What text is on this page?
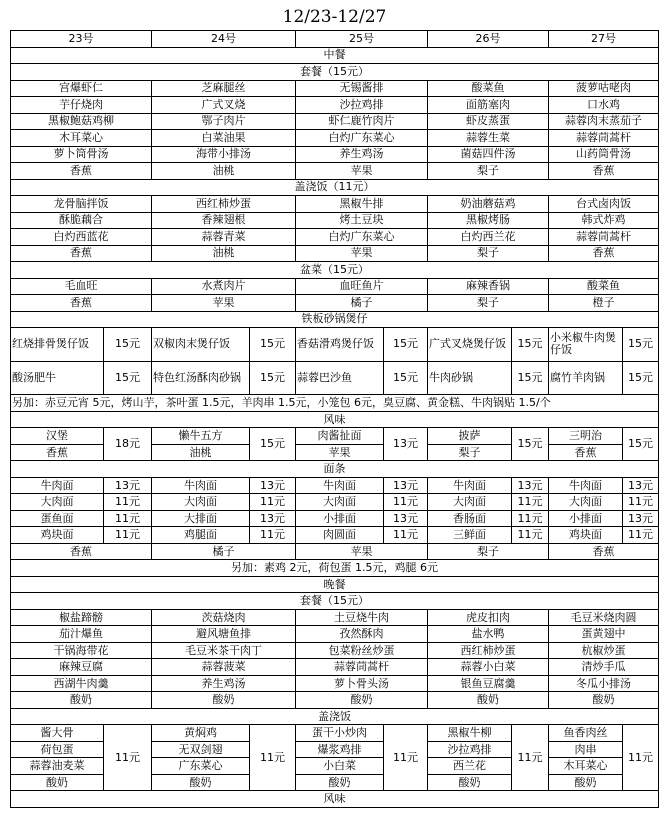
12/23-12/27
23号		24号		25号		26号		27号	
中餐									
套餐（15元）									
宫爆虾仁		芝麻腿丝		无锡酱排		酸菜鱼		菠萝咕咾肉	
芋仔烧肉		广式叉烧		沙拉鸡排		面筋塞肉		口水鸡	
黑椒鲍菇鸡柳		鄂子肉片		虾仁鹿竹肉片		虾皮蒸蛋		蒜蓉肉末蒸茄子	
木耳菜心		白菜油果		白灼广东菜心		蒜蓉生菜		蒜蓉茼蒿杆	
萝卜筒骨汤		海带小排汤		养生鸡汤		菌菇四件汤		山药筒骨汤	
香蕉		油桃		苹果		梨子		香蕉	
盖浇饭（11元）									
龙骨脑拌饭		西红柿炒蛋		黑椒牛排		奶油蘑菇鸡		台式卤肉饭	
酥脆藕合		香辣翅根		烤土豆块		黑椒烤肠		韩式炸鸡	
白灼西蓝花		蒜蓉青菜		白灼广东菜心		白灼西兰花		蒜蓉茼蒿杆	
香蕉		油桃		苹果		梨子		香蕉	
盆菜（15元）									
毛血旺		水煮肉片		血旺鱼片		麻辣香锅		酸菜鱼	
香蕉		苹果		橘子		梨子		橙子	
铁板砂锅煲仔									
红烧排骨煲仔饭	15元	双椒肉末煲仔饭	15元	香菇滑鸡煲仔饭	15元	广式叉烧煲仔饭	15元	小米椒牛肉煲仔饭	15元
酸汤肥牛	15元	特色红汤酥肉砂锅	15元	蒜蓉巴沙鱼	15元	牛肉砂锅	15元	腐竹羊肉锅	15元
另加：赤豆元宵 5元，烤山芋，茶叶蛋 1.5元，羊肉串 1.5元，小笼包 6元，臭豆腐、黄金糕、牛肉锅贴 1.5/个									
风味									
汉堡	18元	懒牛五方	15元	肉酱扯面	13元	披萨	15元	三明治	15元
香蕉		油桃		苹果		梨子		香蕉	
面条									
牛肉面	13元	牛肉面	13元	牛肉面	13元	牛肉面	13元	牛肉面	13元
大肉面	11元	大肉面	11元	大肉面	11元	大肉面	11元	大肉面	11元
蛋鱼面	11元	大排面	13元	小排面	13元	香肠面	11元	小排面	13元
鸡块面	11元	鸡腿面	11元	肉圆面	11元	三鲜面	11元	鸡块面	11元
香蕉		橘子		苹果		梨子		香蕉	
另加：素鸡 2元，荷包蛋 1.5元，鸡腿 6元									
晚餐									
套餐（15元）									
椒盐蹄髈		茨菇烧肉		土豆烧牛肉		虎皮扣肉		毛豆米烧肉圆	
茄汁爆鱼		避风塘鱼排		孜然酥肉		盐水鸭		蛋黄翅中	
干锅海带花		毛豆米茶干肉丁		包菜粉丝炒蛋		西红柿炒蛋		杭椒炒蛋	
麻辣豆腐		蒜蓉菠菜		蒜蓉茼蒿杆		蒜蓉小白菜		清炒手瓜	
西湖牛肉羹		养生鸡汤		萝卜骨头汤		银鱼豆腐羹		冬瓜小排汤	
酸奶		酸奶		酸奶		酸奶		酸奶	
盖浇饭									
酱大骨	11元	黄焖鸡	11元	蛋干小炒肉	11元	黑椒牛柳	11元	鱼香肉丝	11元
荷包蛋		无双剑翅		爆浆鸡排		沙拉鸡排		肉串	
蒜蓉油麦菜		广东菜心		小白菜		西兰花		木耳菜心	
酸奶		酸奶		酸奶		酸奶		酸奶	
风味									
